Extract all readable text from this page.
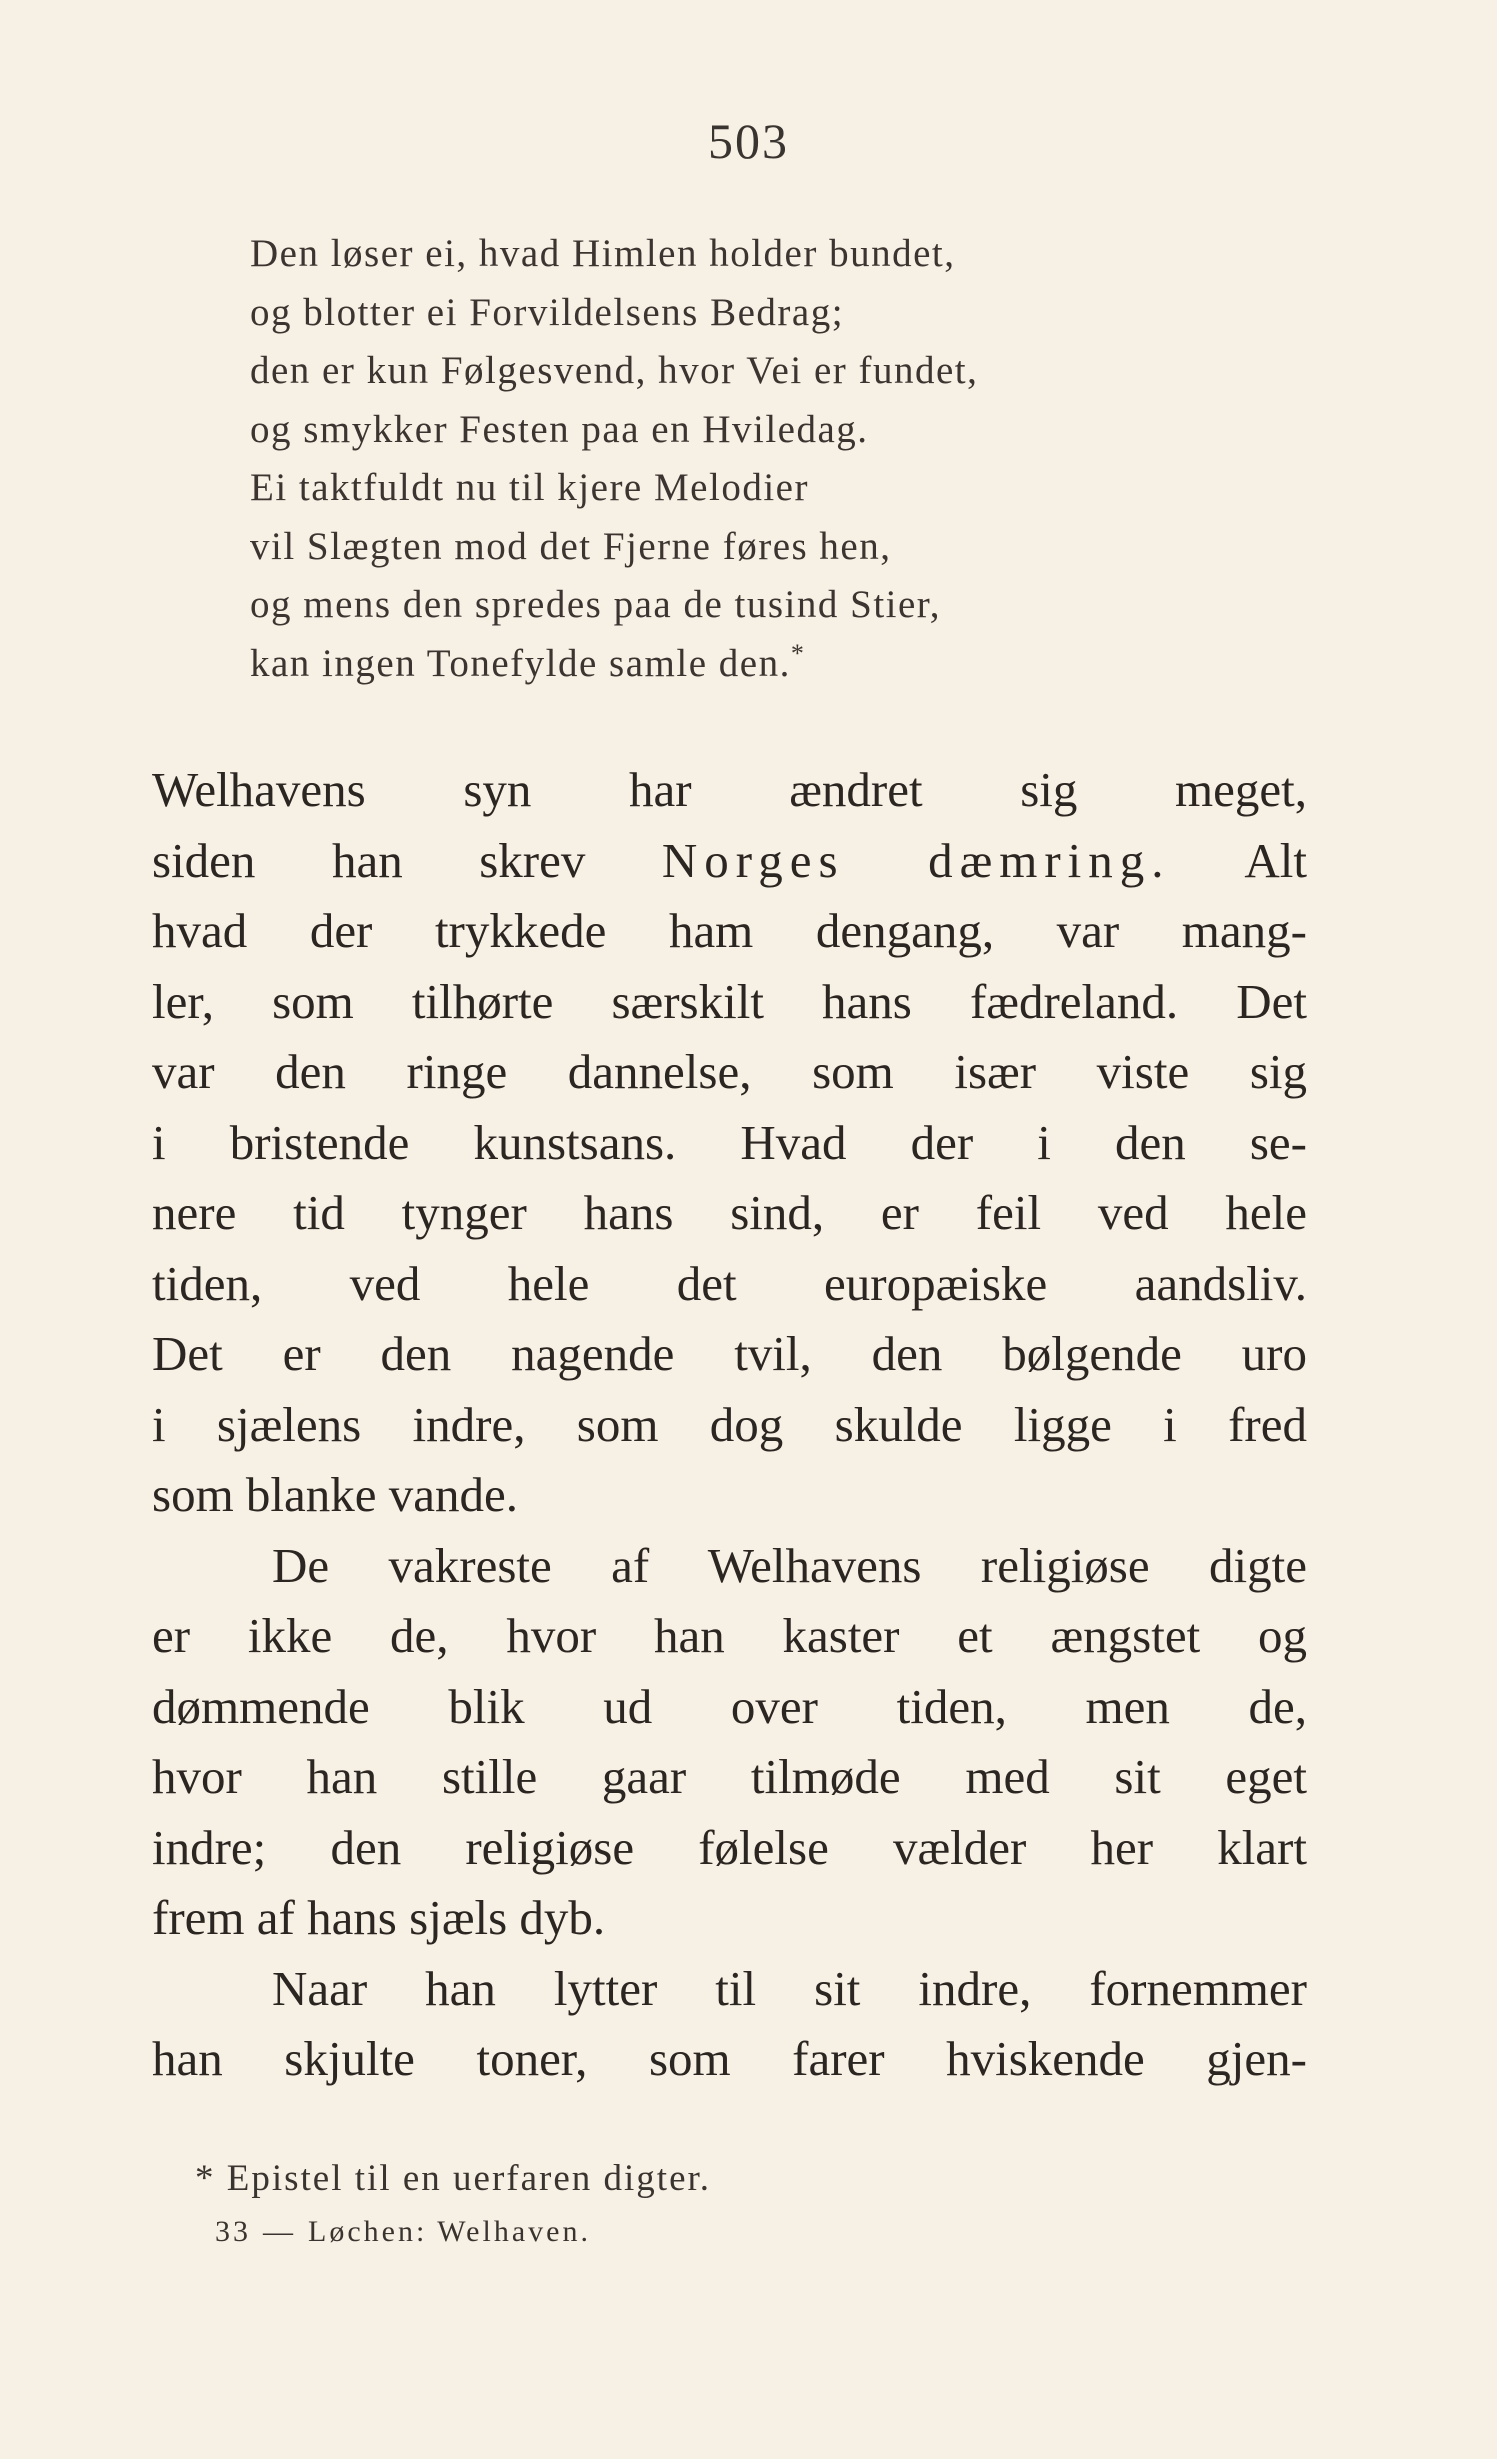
503
Den løser ei, hvad Himlen holder bundet,
og blotter ei Forvildelsens Bedrag;
den er kun Følgesvend, hvor Vei er fundet,
og smykker Festen paa en Hviledag.
Ei taktfuldt nu til kjere Melodier
vil Slægten mod det Fjerne føres hen,
og mens den spredes paa de tusind Stier,
kan ingen Tonefylde samle den.*
Welhavens syn har ændret sig meget,
siden han skrev Norges dæmring. Alt
hvad der trykkede ham dengang, var mang-
ler, som tilhørte særskilt hans fædreland. Det
var den ringe dannelse, som især viste sig
i bristende kunstsans. Hvad der i den se-
nere tid tynger hans sind, er feil ved hele
tiden, ved hele det europæiske aandsliv.
Det er den nagende tvil, den bølgende uro
i sjælens indre, som dog skulde ligge i fred
som blanke vande.
De vakreste af Welhavens religiøse digte
er ikke de, hvor han kaster et ængstet og
dømmende blik ud over tiden, men de,
hvor han stille gaar tilmøde med sit eget
indre; den religiøse følelse vælder her klart
frem af hans sjæls dyb.
Naar han lytter til sit indre, fornemmer
han skjulte toner, som farer hviskende gjen-
* Epistel til en uerfaren digter.
33 — Løchen: Welhaven.
